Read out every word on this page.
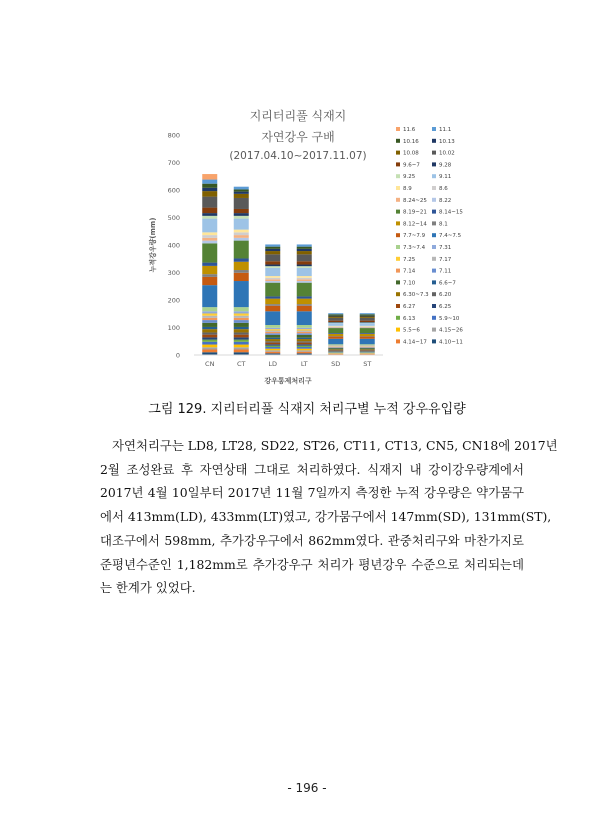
지리터리풀 식재지
자연강우 구배
(2017.04.10~2017.11.07)
누적강우량(mm)
강우통제처리구
0
100
200
300
400
500
600
700
800
CN	CT	LD	LT	SD	ST
11.6
10.16
10.08
9.6~7
9.25
8.9
8.24~25
8.19~21
8.12~14
7.7~7.9
7.3~7.4
7.25
7.14
7.10
6.30~7.3
6.27
6.13
5.5~6
4.14~17
11.1
10.13
10.02
9.28
9.11
8.6
8.22
8.14~15
8.1
7.4~7.5
7.31
7.17
7.11
6.6~7
6.20
6.25
5.9~10
4.15~26
4.10~11
그림 129. 지리터리풀 식재지 처리구별 누적 강우유입량
자연처리구는 LD8, LT28, SD22, ST26, CT11, CT13, CN5, CN18에 2017년
2월 조성완료 후 자연상태 그대로 처리하였다. 식재지 내 강이강우량계에서
2017년 4월 10일부터 2017년 11월 7일까지 측정한 누적 강우량은 약가뭄구
에서 413mm(LD), 433mm(LT)였고, 강가뭄구에서 147mm(SD), 131mm(ST),
대조구에서 598mm, 추가강우구에서 862mm였다. 관중처리구와 마찬가지로
준평년수준인 1,182mm로 추가강우구 처리가 평년강우 수준으로 처리되는데
는 한계가 있었다.
- 196 -
